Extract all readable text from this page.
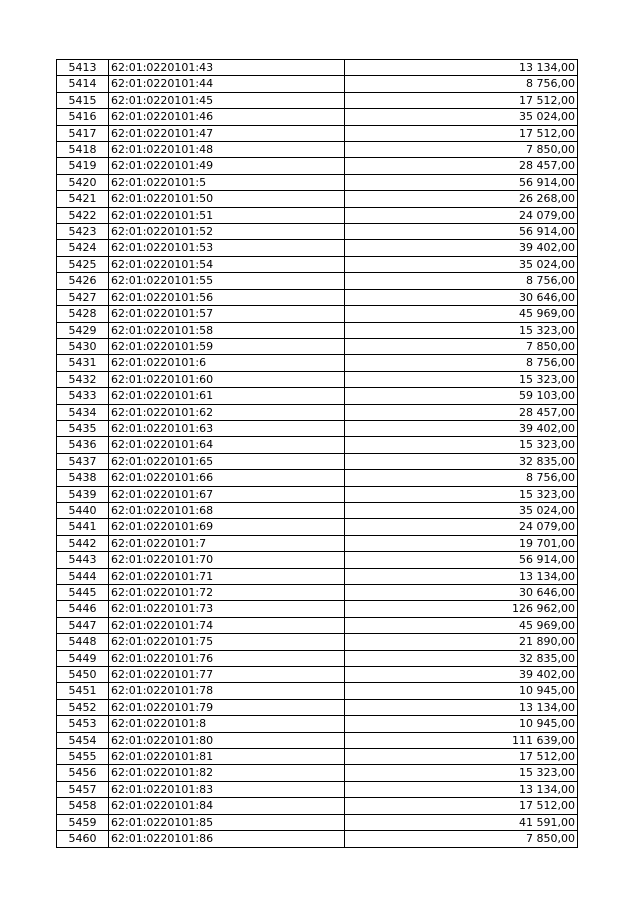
5413	62:01:0220101:43	13 134,00
5414	62:01:0220101:44	8 756,00
5415	62:01:0220101:45	17 512,00
5416	62:01:0220101:46	35 024,00
5417	62:01:0220101:47	17 512,00
5418	62:01:0220101:48	7 850,00
5419	62:01:0220101:49	28 457,00
5420	62:01:0220101:5	56 914,00
5421	62:01:0220101:50	26 268,00
5422	62:01:0220101:51	24 079,00
5423	62:01:0220101:52	56 914,00
5424	62:01:0220101:53	39 402,00
5425	62:01:0220101:54	35 024,00
5426	62:01:0220101:55	8 756,00
5427	62:01:0220101:56	30 646,00
5428	62:01:0220101:57	45 969,00
5429	62:01:0220101:58	15 323,00
5430	62:01:0220101:59	7 850,00
5431	62:01:0220101:6	8 756,00
5432	62:01:0220101:60	15 323,00
5433	62:01:0220101:61	59 103,00
5434	62:01:0220101:62	28 457,00
5435	62:01:0220101:63	39 402,00
5436	62:01:0220101:64	15 323,00
5437	62:01:0220101:65	32 835,00
5438	62:01:0220101:66	8 756,00
5439	62:01:0220101:67	15 323,00
5440	62:01:0220101:68	35 024,00
5441	62:01:0220101:69	24 079,00
5442	62:01:0220101:7	19 701,00
5443	62:01:0220101:70	56 914,00
5444	62:01:0220101:71	13 134,00
5445	62:01:0220101:72	30 646,00
5446	62:01:0220101:73	126 962,00
5447	62:01:0220101:74	45 969,00
5448	62:01:0220101:75	21 890,00
5449	62:01:0220101:76	32 835,00
5450	62:01:0220101:77	39 402,00
5451	62:01:0220101:78	10 945,00
5452	62:01:0220101:79	13 134,00
5453	62:01:0220101:8	10 945,00
5454	62:01:0220101:80	111 639,00
5455	62:01:0220101:81	17 512,00
5456	62:01:0220101:82	15 323,00
5457	62:01:0220101:83	13 134,00
5458	62:01:0220101:84	17 512,00
5459	62:01:0220101:85	41 591,00
5460	62:01:0220101:86	7 850,00
